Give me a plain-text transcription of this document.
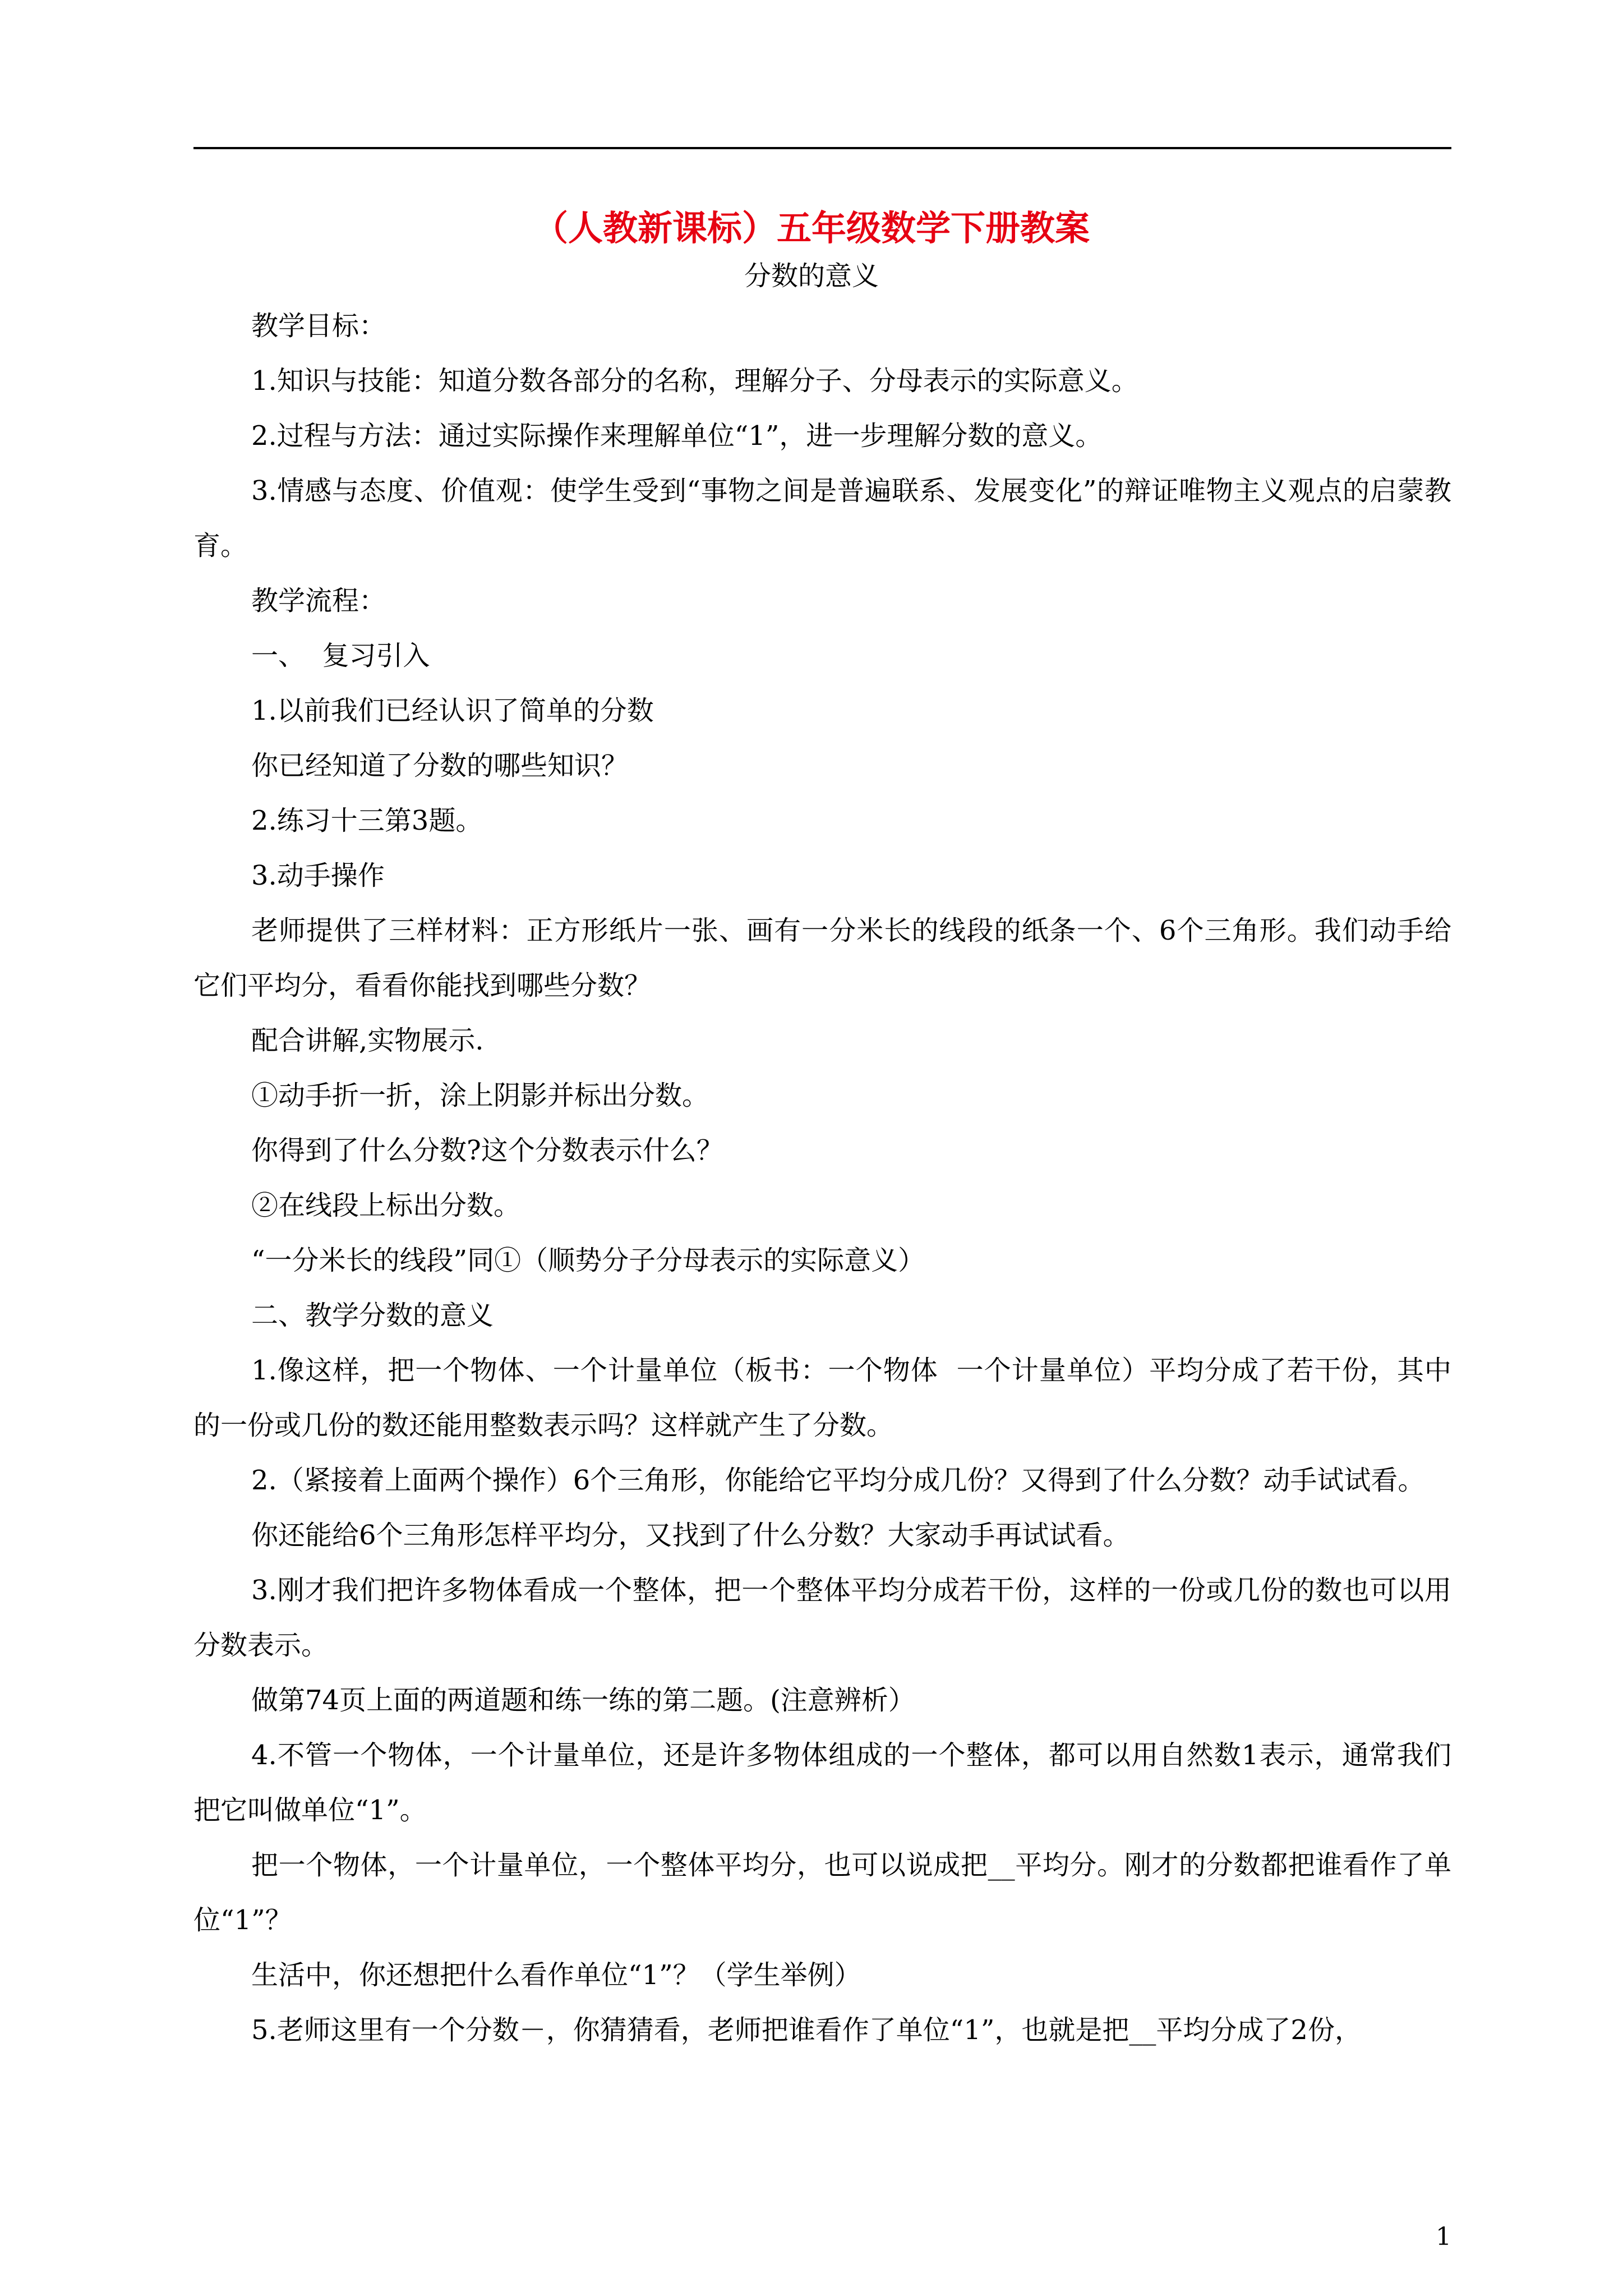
（人教新课标）五年级数学下册教案
分数的意义

教学目标：

1.知识与技能：知道分数各部分的名称，理解分子、分母表示的实际意义。

2.过程与方法：通过实际操作来理解单位“1”，进一步理解分数的意义。

3.情感与态度、价值观：使学生受到“事物之间是普遍联系、发展变化”的辩证唯物主义观点的启蒙教育。

教学流程：

一、  复习引入

1.以前我们已经认识了简单的分数

你已经知道了分数的哪些知识？

2.练习十三第3题。

3.动手操作

老师提供了三样材料：正方形纸片一张、画有一分米长的线段的纸条一个、6个三角形。我们动手给它们平均分，看看你能找到哪些分数？

配合讲解,实物展示.

①动手折一折，涂上阴影并标出分数。

你得到了什么分数?这个分数表示什么？

②在线段上标出分数。

“一分米长的线段”同①（顺势分子分母表示的实际意义）

二、教学分数的意义

1.像这样，把一个物体、一个计量单位（板书：一个物体  一个计量单位）平均分成了若干份，其中的一份或几份的数还能用整数表示吗？这样就产生了分数。

2.（紧接着上面两个操作）6个三角形，你能给它平均分成几份？又得到了什么分数？动手试试看。

你还能给6个三角形怎样平均分，又找到了什么分数？大家动手再试试看。

3.刚才我们把许多物体看成一个整体，把一个整体平均分成若干份，这样的一份或几份的数也可以用分数表示。

做第74页上面的两道题和练一练的第二题。(注意辨析）

4.不管一个物体，一个计量单位，还是许多物体组成的一个整体，都可以用自然数1表示，通常我们把它叫做单位“1”。

把一个物体，一个计量单位，一个整体平均分，也可以说成把__平均分。刚才的分数都把谁看作了单位“1”？

生活中，你还想把什么看作单位“1”？（学生举例）

5.老师这里有一个分数－，你猜猜看，老师把谁看作了单位“1”，也就是把__平均分成了2份，

1
